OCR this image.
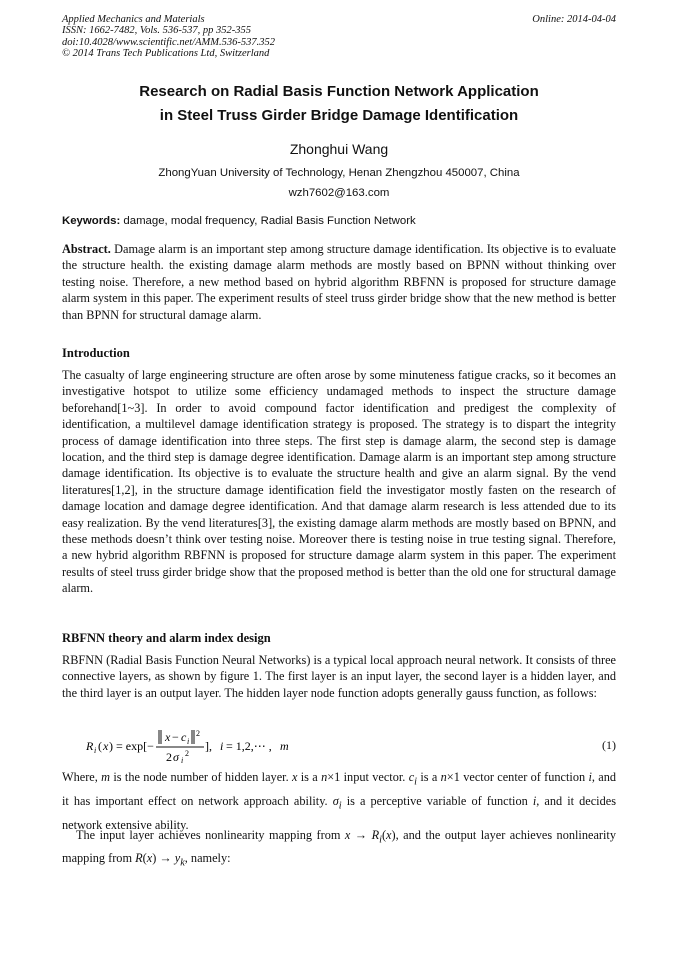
Applied Mechanics and Materials
ISSN: 1662-7482, Vols. 536-537, pp 352-355
doi:10.4028/www.scientific.net/AMM.536-537.352
© 2014 Trans Tech Publications Ltd, Switzerland
Online: 2014-04-04
Research on Radial Basis Function Network Application
in Steel Truss Girder Bridge Damage Identification
Zhonghui Wang
ZhongYuan University of Technology, Henan Zhengzhou 450007, China
wzh7602@163.com
Keywords: damage, modal frequency, Radial Basis Function Network

Abstract. Damage alarm is an important step among structure damage identification. Its objective is to evaluate the structure health. the existing damage alarm methods are mostly based on BPNN without thinking over testing noise. Therefore, a new method based on hybrid algorithm RBFNN is proposed for structure damage alarm system in this paper. The experiment results of steel truss girder bridge show that the new method is better than BPNN for structural damage alarm.

Introduction

The casualty of large engineering structure are often arose by some minuteness fatigue cracks, so it becomes an investigative hotspot to utilize some efficiency undamaged methods to inspect the structure damage beforehand[1~3]. In order to avoid compound factor identification and predigest the complexity of identification, a multilevel damage identification strategy is proposed. The strategy is to dispart the integrity process of damage identification into three steps. The first step is damage alarm, the second step is damage location, and the third step is damage degree identification. Damage alarm is an important step among structure damage identification. Its objective is to evaluate the structure health and give an alarm signal. By the vend literatures[1,2], in the structure damage identification field the investigator mostly fasten on the research of damage location and damage degree identification. And that damage alarm research is less attended due to its easy realization. By the vend literatures[3], the existing damage alarm methods are mostly based on BPNN, and these methods doesn’t think over testing noise. Moreover there is testing noise in true testing signal. Therefore, a new hybrid algorithm RBFNN is proposed for structure damage alarm system in this paper. The experiment results of steel truss girder bridge show that the proposed method is better than the old one for structural damage alarm.

RBFNN theory and alarm index design

RBFNN (Radial Basis Function Neural Networks) is a typical local approach neural network. It consists of three connective layers, as shown by figure 1. The first layer is an input layer, the second layer is a hidden layer, and the third layer is an output layer. The hidden layer node function adopts generally gauss function, as follows:

R i ( x ) = exp[−
x − c i
2
2 σ i
2
], i = 1,2,⋯ , m	(1)

Where, m is the node number of hidden layer. x is a n×1 input vector. $c_i$ is a n×1 vector center of function i, and it has important effect on network approach ability. $\sigma_i$ is a perceptive variable of function i, and it decides network extensive ability.

The input layer achieves nonlinearity mapping from $x \to R_i(x)$, and the output layer achieves nonlinearity mapping from $R(x) \to y_k$, namely:
